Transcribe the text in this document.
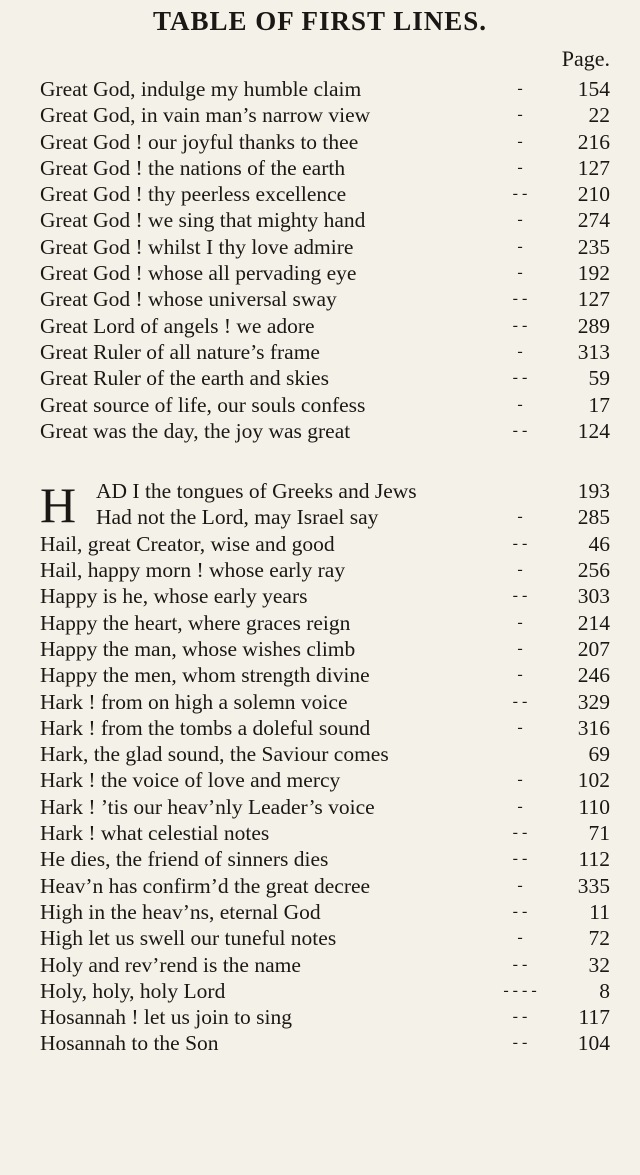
TABLE OF FIRST LINES.
Page.
Great God, indulge my humble claim	-	154
Great God, in vain man’s narrow view	-	22
Great God ! our joyful thanks to thee	-	216
Great God ! the nations of the earth	-	127
Great God ! thy peerless excellence	- -	210
Great God ! we sing that mighty hand	-	274
Great God ! whilst I thy love admire	-	235
Great God ! whose all pervading eye	-	192
Great God ! whose universal sway	- -	127
Great Lord of angels ! we adore	- -	289
Great Ruler of all nature’s frame	-	313
Great Ruler of the earth and skies	- -	59
Great source of life, our souls confess	-	17
Great was the day, the joy was great	- -	124
H AD I the tongues of Greeks and Jews	193
Had not the Lord, may Israel say	-	285
Hail, great Creator, wise and good	- -	46
Hail, happy morn ! whose early ray	-	256
Happy is he, whose early years	- -	303
Happy the heart, where graces reign	-	214
Happy the man, whose wishes climb	-	207
Happy the men, whom strength divine	-	246
Hark ! from on high a solemn voice	- -	329
Hark ! from the tombs a doleful sound	-	316
Hark, the glad sound, the Saviour comes	69
Hark ! the voice of love and mercy	-	102
Hark ! ’tis our heav’nly Leader’s voice	-	110
Hark ! what celestial notes	- -	71
He dies, the friend of sinners dies	- -	112
Heav’n has confirm’d the great decree	-	335
High in the heav’ns, eternal God	- -	11
High let us swell our tuneful notes	-	72
Holy and rev’rend is the name	- -	32
Holy, holy, holy Lord	- - - -	8
Hosannah ! let us join to sing	- -	117
Hosannah to the Son	- -	104
